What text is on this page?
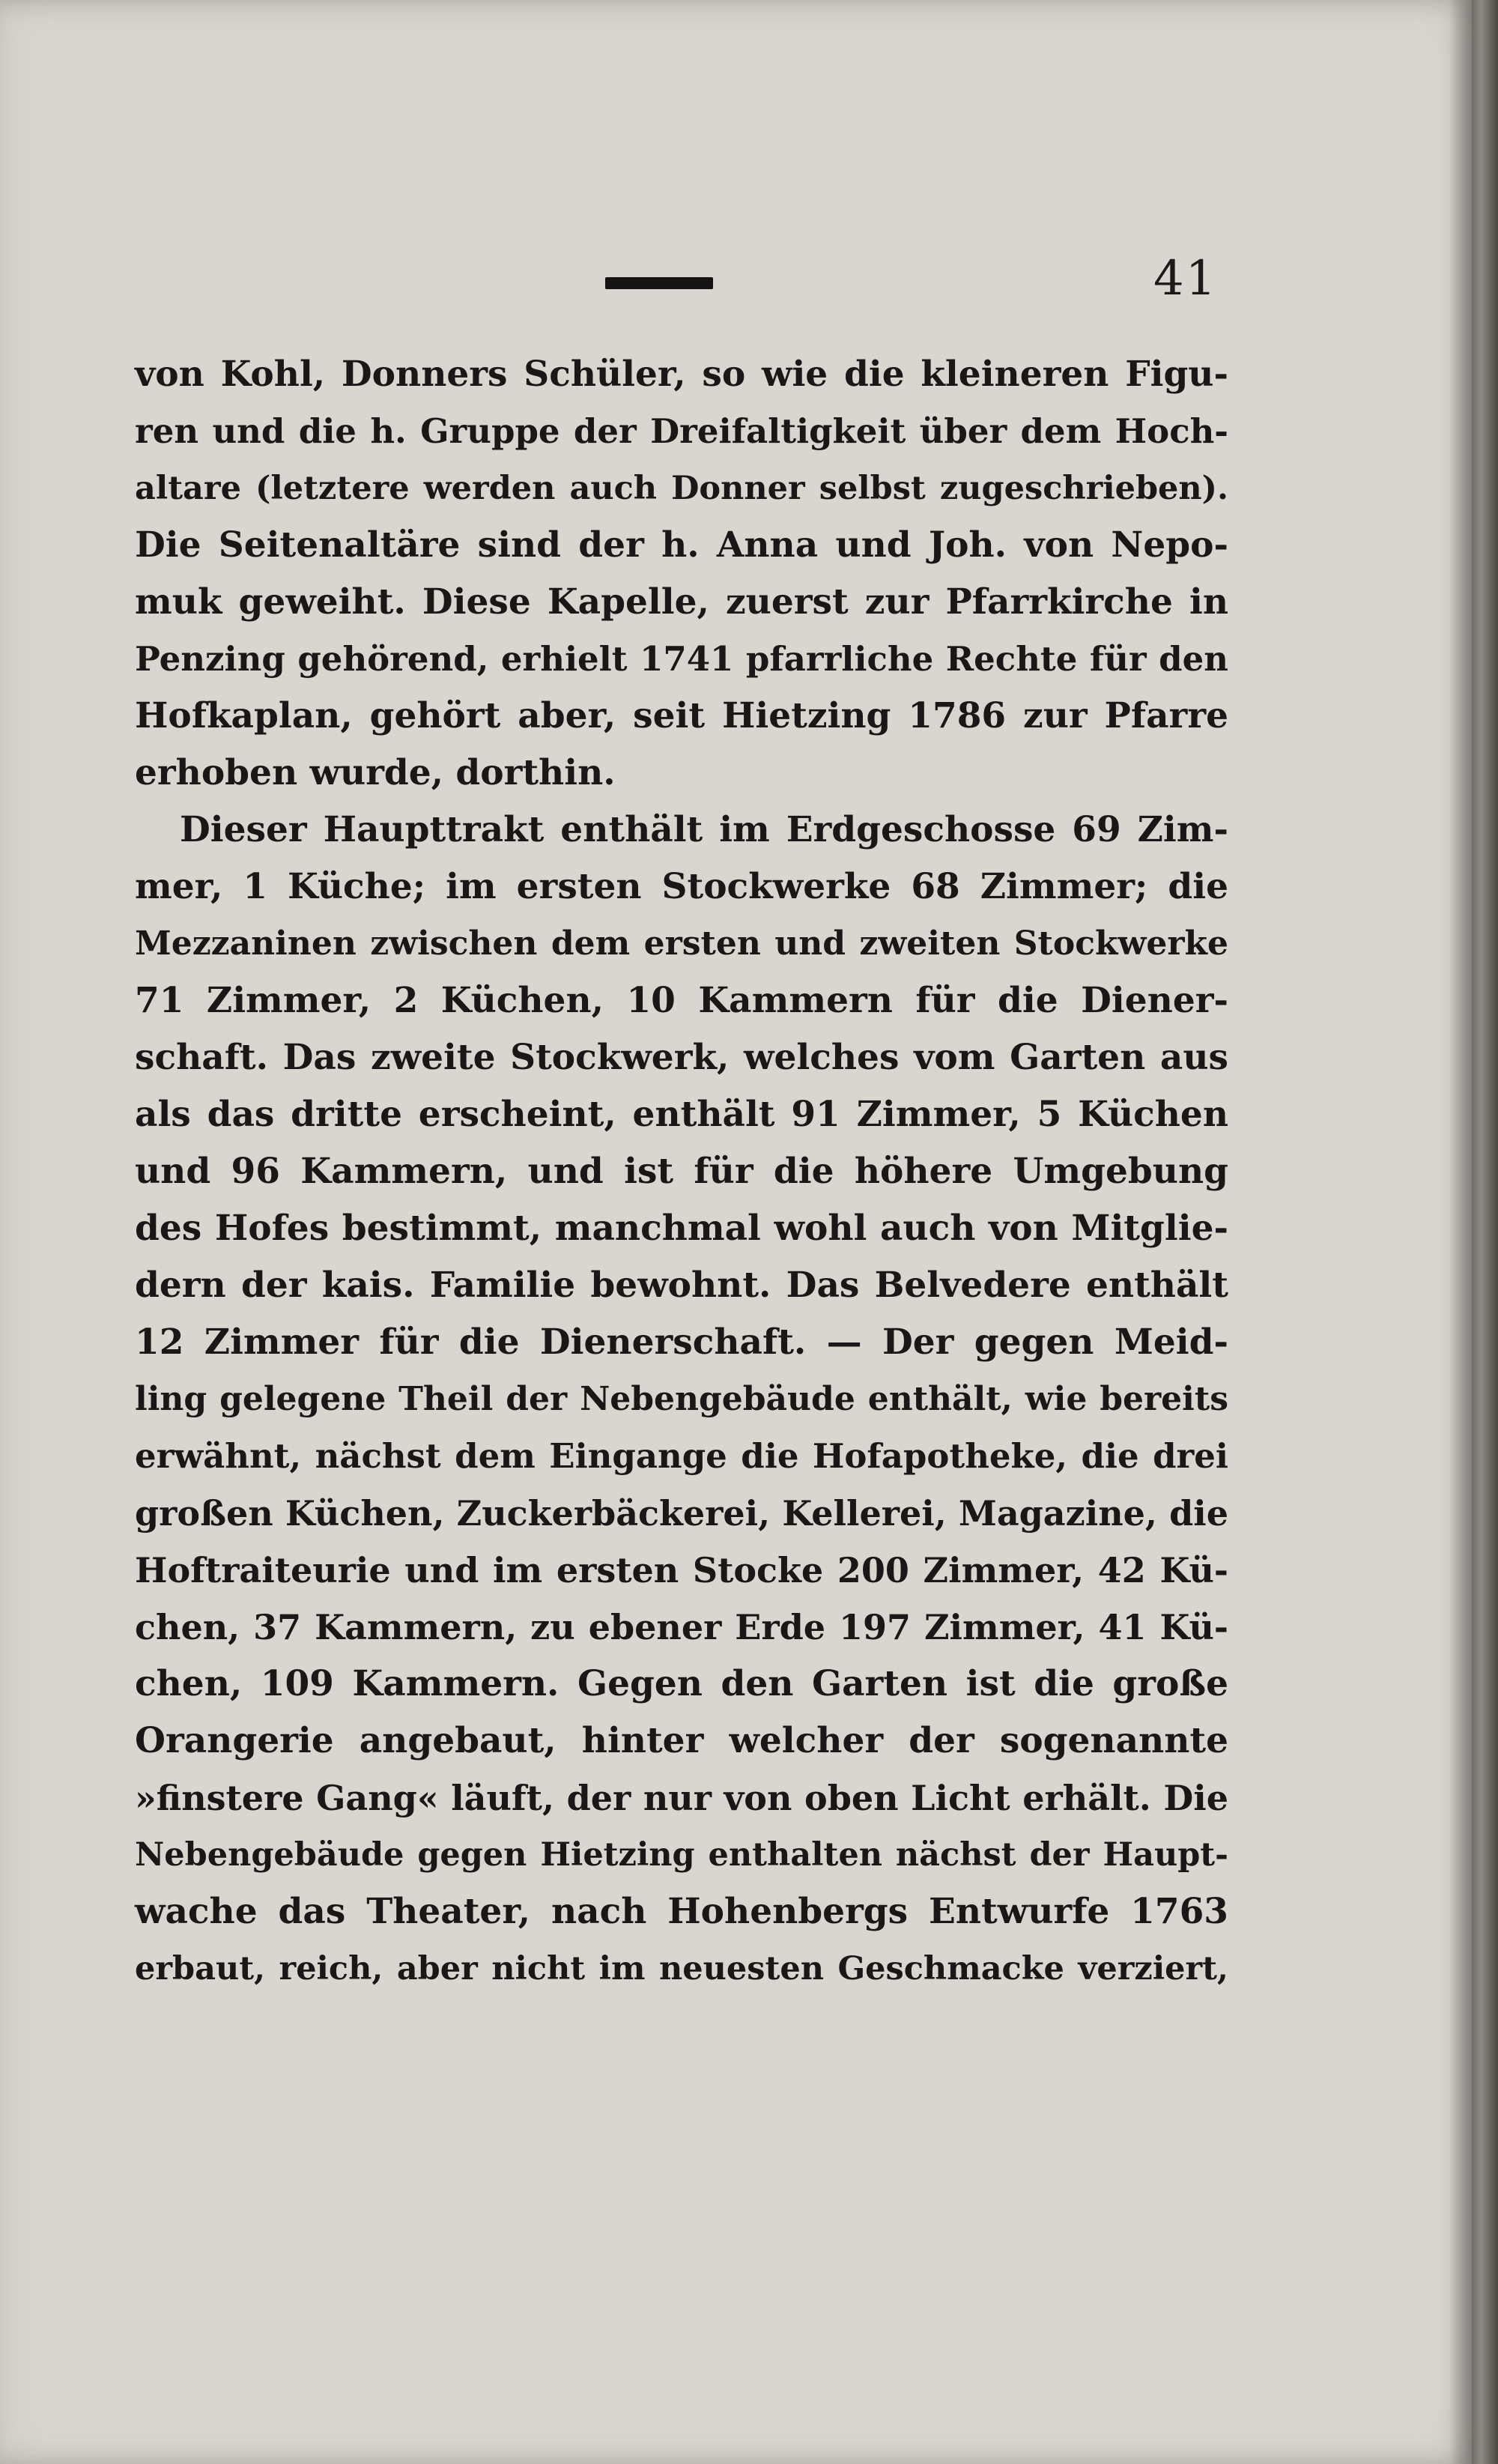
41
von Kohl, Donners Schüler, so wie die kleineren Figu-
ren und die h. Gruppe der Dreifaltigkeit über dem Hoch-
altare (letztere werden auch Donner selbst zugeschrieben).
Die Seitenaltäre sind der h. Anna und Joh. von Nepo-
muk geweiht. Diese Kapelle, zuerst zur Pfarrkirche in
Penzing gehörend, erhielt 1741 pfarrliche Rechte für den
Hofkaplan, gehört aber, seit Hietzing 1786 zur Pfarre
erhoben wurde, dorthin.
Dieser Haupttrakt enthält im Erdgeschosse 69 Zim-
mer, 1 Küche; im ersten Stockwerke 68 Zimmer; die
Mezzaninen zwischen dem ersten und zweiten Stockwerke
71 Zimmer, 2 Küchen, 10 Kammern für die Diener-
schaft. Das zweite Stockwerk, welches vom Garten aus
als das dritte erscheint, enthält 91 Zimmer, 5 Küchen
und 96 Kammern, und ist für die höhere Umgebung
des Hofes bestimmt, manchmal wohl auch von Mitglie-
dern der kais. Familie bewohnt. Das Belvedere enthält
12 Zimmer für die Dienerschaft. — Der gegen Meid-
ling gelegene Theil der Nebengebäude enthält, wie bereits
erwähnt, nächst dem Eingange die Hofapotheke, die drei
großen Küchen, Zuckerbäckerei, Kellerei, Magazine, die
Hoftraiteurie und im ersten Stocke 200 Zimmer, 42 Kü-
chen, 37 Kammern, zu ebener Erde 197 Zimmer, 41 Kü-
chen, 109 Kammern. Gegen den Garten ist die große
Orangerie angebaut, hinter welcher der sogenannte
»finstere Gang« läuft, der nur von oben Licht erhält. Die
Nebengebäude gegen Hietzing enthalten nächst der Haupt-
wache das Theater, nach Hohenbergs Entwurfe 1763
erbaut, reich, aber nicht im neuesten Geschmacke verziert,
